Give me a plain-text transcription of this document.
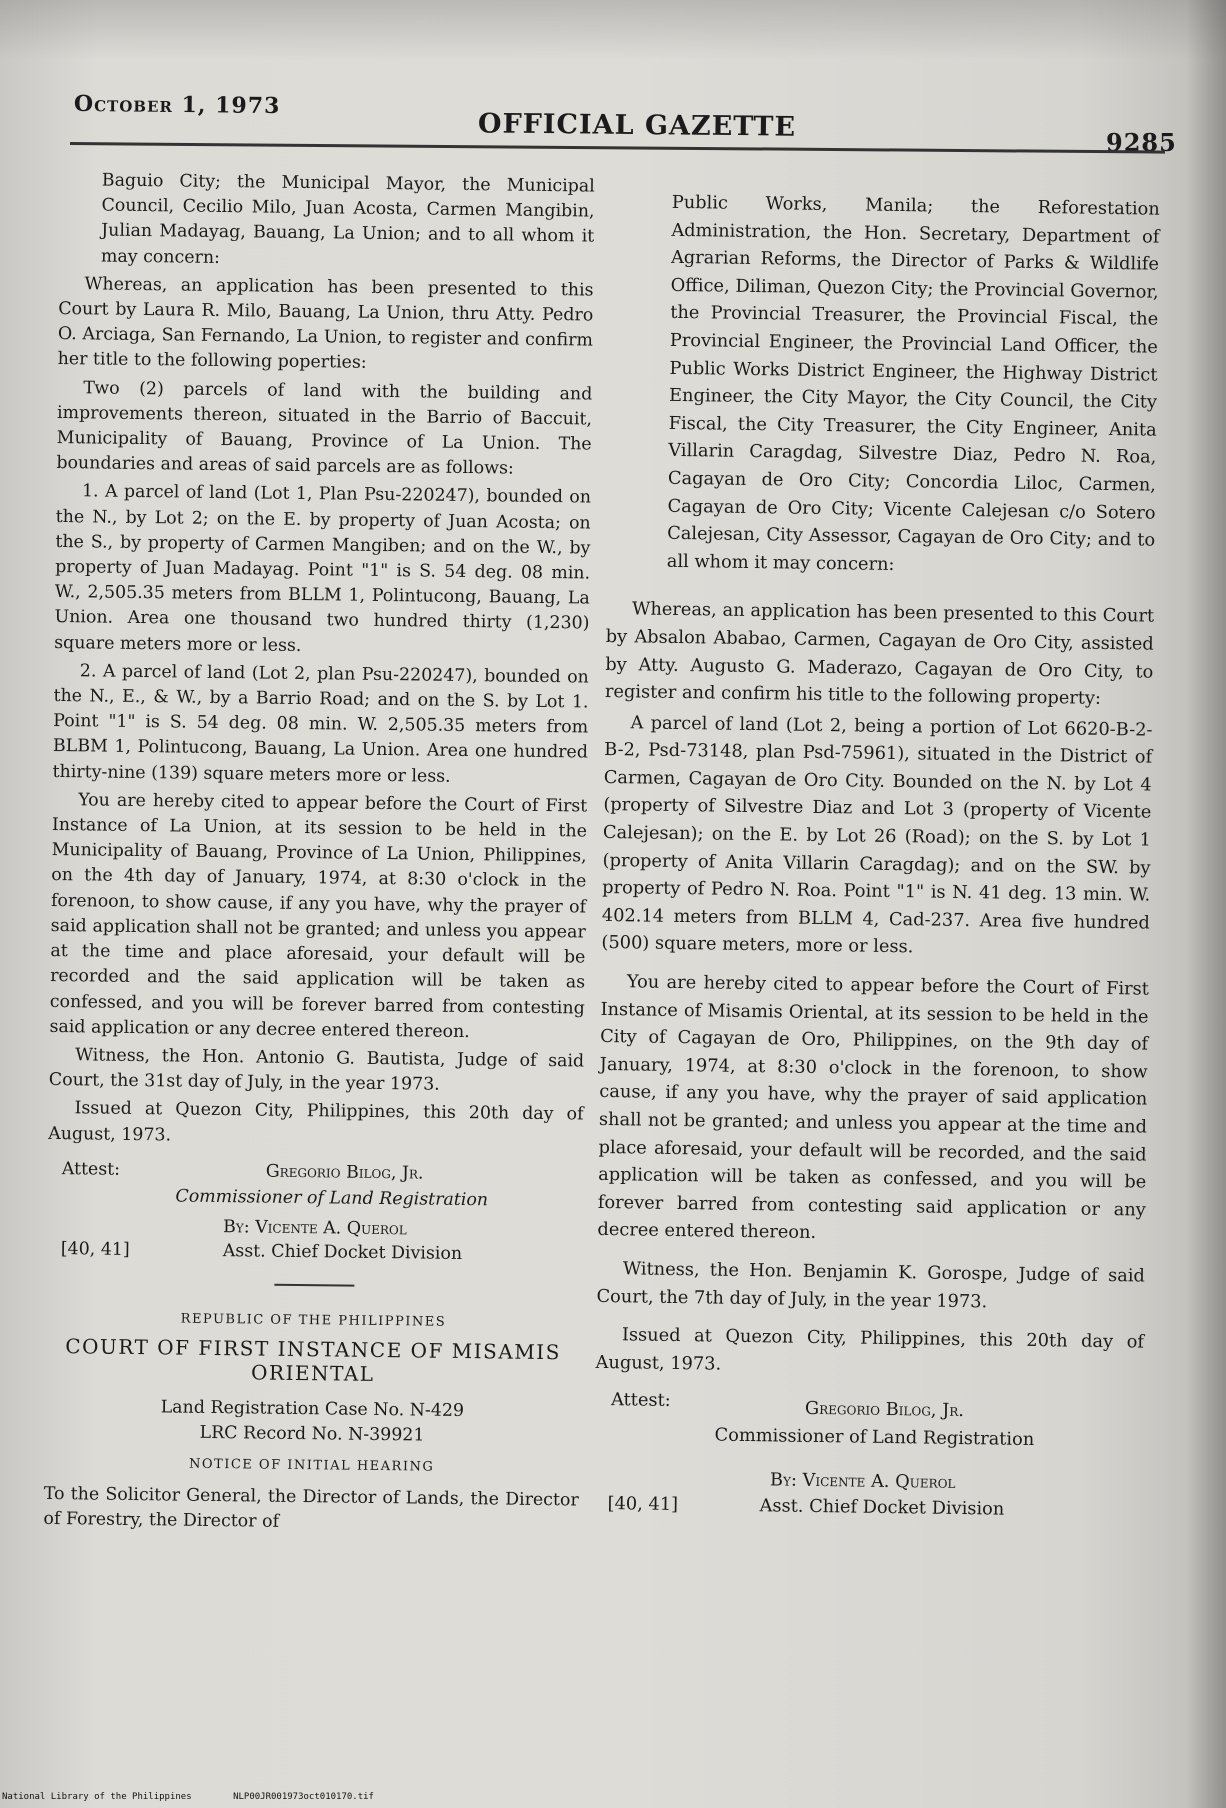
October 1, 1973
OFFICIAL GAZETTE	9285

Baguio City; the Municipal Mayor, the Municipal Council, Cecilio Milo, Juan Acosta, Carmen Mangibin, Julian Madayag, Bauang, La Union; and to all whom it may concern:

Whereas, an application has been presented to this Court by Laura R. Milo, Bauang, La Union, thru Atty. Pedro O. Arciaga, San Fernando, La Union, to register and confirm her title to the following poperties:

Two (2) parcels of land with the building and improvements thereon, situated in the Barrio of Baccuit, Municipality of Bauang, Province of La Union. The boundaries and areas of said parcels are as follows:

1. A parcel of land (Lot 1, Plan Psu-220247), bounded on the N., by Lot 2; on the E. by property of Juan Acosta; on the S., by property of Carmen Mangiben; and on the W., by property of Juan Madayag. Point "1" is S. 54 deg. 08 min. W., 2,505.35 meters from BLLM 1, Polintucong, Bauang, La Union. Area one thousand two hundred thirty (1,230) square meters more or less.

2. A parcel of land (Lot 2, plan Psu-220247), bounded on the N., E., & W., by a Barrio Road; and on the S. by Lot 1. Point "1" is S. 54 deg. 08 min. W. 2,505.35 meters from BLBM 1, Polintucong, Bauang, La Union. Area one hundred thirty-nine (139) square meters more or less.

You are hereby cited to appear before the Court of First Instance of La Union, at its session to be held in the Municipality of Bauang, Province of La Union, Philippines, on the 4th day of January, 1974, at 8:30 o'clock in the forenoon, to show cause, if any you have, why the prayer of said application shall not be granted; and unless you appear at the time and place aforesaid, your default will be recorded and the said application will be taken as confessed, and you will be forever barred from contesting said application or any decree entered thereon.

Witness, the Hon. Antonio G. Bautista, Judge of said Court, the 31st day of July, in the year 1973.

Issued at Quezon City, Philippines, this 20th day of August, 1973.

Attest:	Gregorio Bilog, Jr.
Commissioner of Land Registration
By: Vicente A. Querol
[40, 41]	Asst. Chief Docket Division
REPUBLIC OF THE PHILIPPINES
COURT OF FIRST INSTANCE OF MISAMIS ORIENTAL
Land Registration Case No. N-429
LRC Record No. N-39921
NOTICE OF INITIAL HEARING

To the Solicitor General, the Director of Lands, the Director of Forestry, the Director of

Public Works, Manila; the Reforestation Administration, the Hon. Secretary, Department of Agrarian Reforms, the Director of Parks & Wildlife Office, Diliman, Quezon City; the Provincial Governor, the Provincial Treasurer, the Provincial Fiscal, the Provincial Engineer, the Provincial Land Officer, the Public Works District Engineer, the Highway District Engineer, the City Mayor, the City Council, the City Fiscal, the City Treasurer, the City Engineer, Anita Villarin Caragdag, Silvestre Diaz, Pedro N. Roa, Cagayan de Oro City; Concordia Liloc, Carmen, Cagayan de Oro City; Vicente Calejesan c/o Sotero Calejesan, City Assessor, Cagayan de Oro City; and to all whom it may concern:

Whereas, an application has been presented to this Court by Absalon Ababao, Carmen, Cagayan de Oro City, assisted by Atty. Augusto G. Maderazo, Cagayan de Oro City, to register and confirm his title to the following property:

A parcel of land (Lot 2, being a portion of Lot 6620-B-2-B-2, Psd-73148, plan Psd-75961), situated in the District of Carmen, Cagayan de Oro City. Bounded on the N. by Lot 4 (property of Silvestre Diaz and Lot 3 (property of Vicente Calejesan); on the E. by Lot 26 (Road); on the S. by Lot 1 (property of Anita Villarin Caragdag); and on the SW. by property of Pedro N. Roa. Point "1" is N. 41 deg. 13 min. W. 402.14 meters from BLLM 4, Cad-237. Area five hundred (500) square meters, more or less.

You are hereby cited to appear before the Court of First Instance of Misamis Oriental, at its session to be held in the City of Cagayan de Oro, Philippines, on the 9th day of January, 1974, at 8:30 o'clock in the forenoon, to show cause, if any you have, why the prayer of said application shall not be granted; and unless you appear at the time and place aforesaid, your default will be recorded, and the said application will be taken as confessed, and you will be forever barred from contesting said application or any decree entered thereon.

Witness, the Hon. Benjamin K. Gorospe, Judge of said Court, the 7th day of July, in the year 1973.

Issued at Quezon City, Philippines, this 20th day of August, 1973.

Attest:	Gregorio Bilog, Jr.
Commissioner of Land Registration
By: Vicente A. Querol
[40, 41]	Asst. Chief Docket Division
National Library of the Philippines	NLP00JR001973oct010170.tif
